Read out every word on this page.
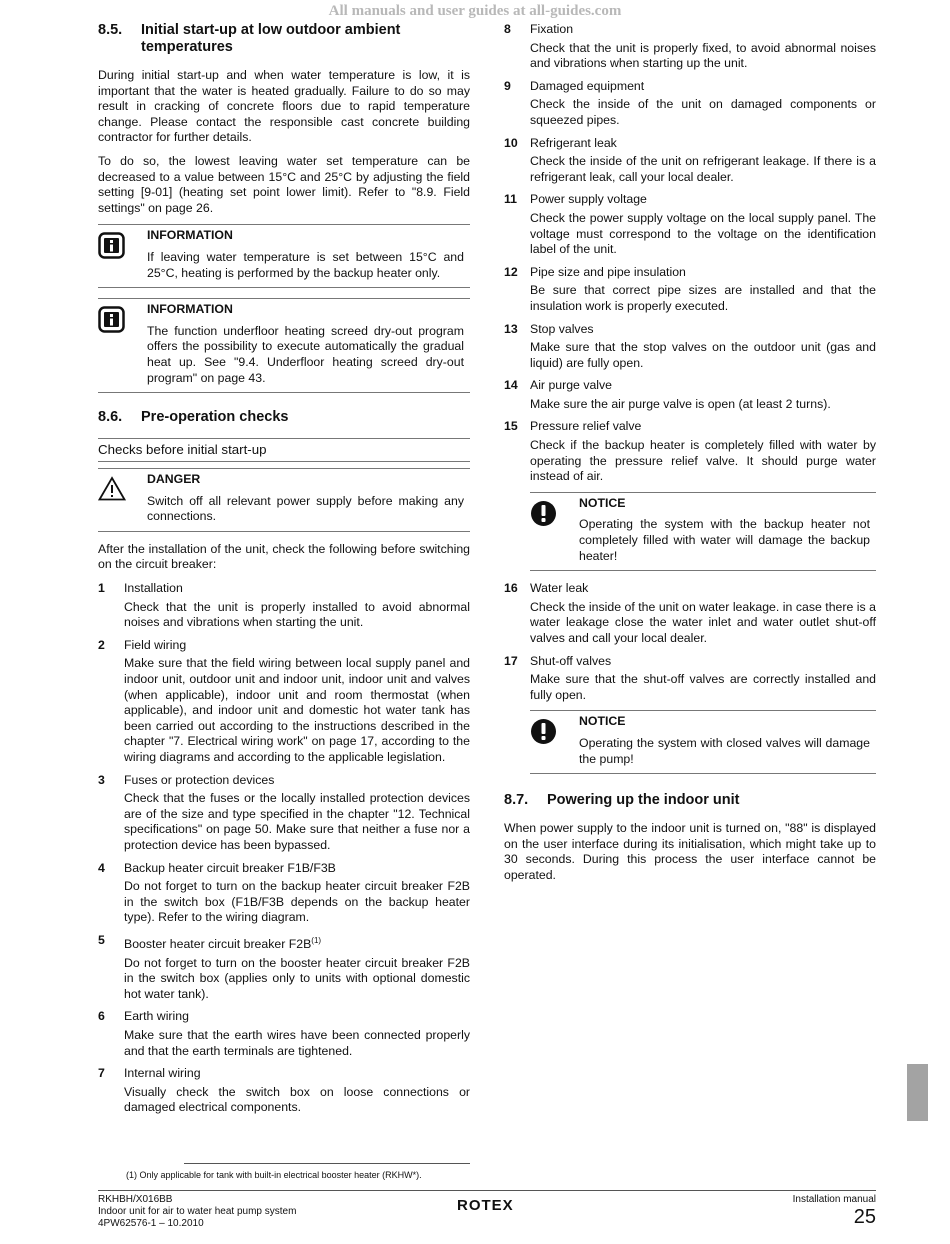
All manuals and user guides at all-guides.com
8.5.	Initial start-up at low outdoor ambient temperatures

During initial start-up and when water temperature is low, it is important that the water is heated gradually. Failure to do so may result in cracking of concrete floors due to rapid temperature change. Please contact the responsible cast concrete building contractor for further details.

To do so, the lowest leaving water set temperature can be decreased to a value between 15°C and 25°C by adjusting the field setting [9-01] (heating set point lower limit). Refer to "8.9. Field settings" on page 26.

INFORMATION

If leaving water temperature is set between 15°C and 25°C, heating is performed by the backup heater only.

INFORMATION

The function underfloor heating screed dry-out program offers the possibility to execute automatically the gradual heat up. See "9.4. Underfloor heating screed dry-out program" on page 43.

8.6.	Pre-operation checks
Checks before initial start-up
DANGER

Switch off all relevant power supply before making any connections.

After the installation of the unit, check the following before switching on the circuit breaker:

1	Installation
Check that the unit is properly installed to avoid abnormal noises and vibrations when starting the unit.
2	Field wiring
Make sure that the field wiring between local supply panel and indoor unit, outdoor unit and indoor unit, indoor unit and valves (when applicable), indoor unit and room thermostat (when applicable), and indoor unit and domestic hot water tank has been carried out according to the instructions described in the chapter "7. Electrical wiring work" on page 17, according to the wiring diagrams and according to the applicable legislation.
3	Fuses or protection devices
Check that the fuses or the locally installed protection devices are of the size and type specified in the chapter "12. Technical specifications" on page 50. Make sure that neither a fuse nor a protection device has been bypassed.
4	Backup heater circuit breaker F1B/F3B
Do not forget to turn on the backup heater circuit breaker F2B in the switch box (F1B/F3B depends on the backup heater type). Refer to the wiring diagram.
5	Booster heater circuit breaker $F2B^{(1)}$
Do not forget to turn on the booster heater circuit breaker F2B in the switch box (applies only to units with optional domestic hot water tank).
6	Earth wiring
Make sure that the earth wires have been connected properly and that the earth terminals are tightened.
7	Internal wiring
Visually check the switch box on loose connections or damaged electrical components.
8	Fixation
Check that the unit is properly fixed, to avoid abnormal noises and vibrations when starting up the unit.
9	Damaged equipment
Check the inside of the unit on damaged components or squeezed pipes.
10	Refrigerant leak
Check the inside of the unit on refrigerant leakage. If there is a refrigerant leak, call your local dealer.
11	Power supply voltage
Check the power supply voltage on the local supply panel. The voltage must correspond to the voltage on the identification label of the unit.
12	Pipe size and pipe insulation
Be sure that correct pipe sizes are installed and that the insulation work is properly executed.
13	Stop valves
Make sure that the stop valves on the outdoor unit (gas and liquid) are fully open.
14	Air purge valve
Make sure the air purge valve is open (at least 2 turns).
15	Pressure relief valve
Check if the backup heater is completely filled with water by operating the pressure relief valve. It should purge water instead of air.
NOTICE

Operating the system with the backup heater not completely filled with water will damage the backup heater!

16	Water leak
Check the inside of the unit on water leakage. in case there is a water leakage close the water inlet and water outlet shut-off valves and call your local dealer.
17	Shut-off valves
Make sure that the shut-off valves are correctly installed and fully open.
NOTICE

Operating the system with closed valves will damage the pump!

8.7.	Powering up the indoor unit

When power supply to the indoor unit is turned on, "88" is displayed on the user interface during its initialisation, which might take up to 30 seconds. During this process the user interface cannot be operated.

(1) Only applicable for tank with built-in electrical booster heater (RKHW*).
RKHBH/X016BB
Indoor unit for air to water heat pump system
4PW62576-1 – 10.2010
ROTEX	Installation manual
25
